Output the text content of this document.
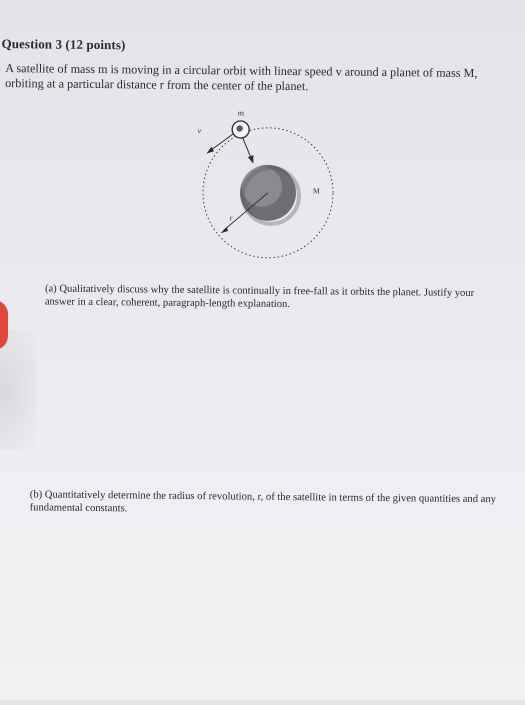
Question 3 (12 points)
A satellite of mass m is moving in a circular orbit with linear speed v around a planet of mass M, orbiting at a particular distance r from the center of the planet.
m
v
M
r
(a) Qualitatively discuss why the satellite is continually in free-fall as it orbits the planet. Justify your answer in a clear, coherent, paragraph-length explanation.
(b) Quantitatively determine the radius of revolution, r, of the satellite in terms of the given quantities and any fundamental constants.
